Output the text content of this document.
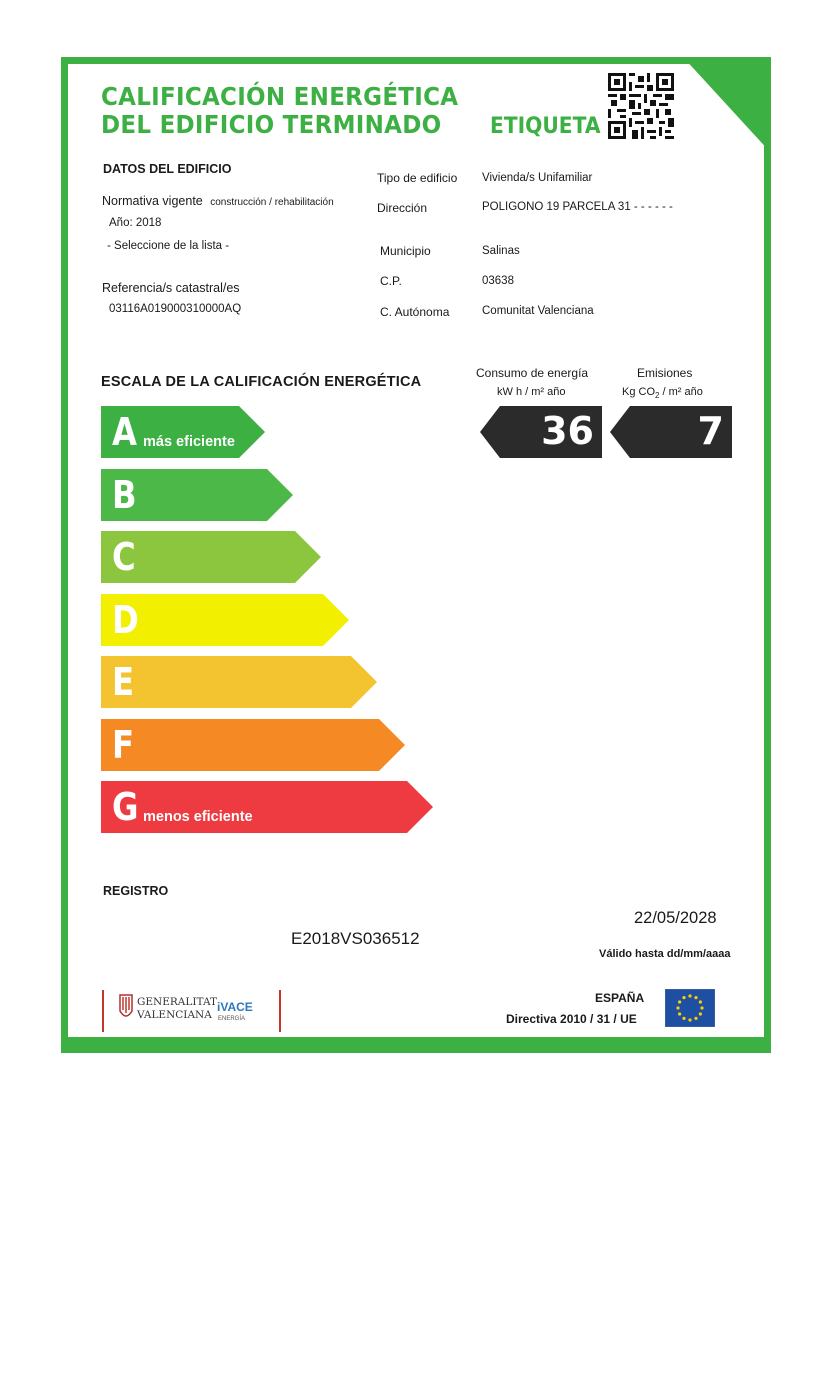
CALIFICACIÓN ENERGÉTICA
DEL EDIFICIO TERMINADO ETIQUETA
DATOS DEL EDIFICIO
Normativa vigente construcción / rehabilitación
Año: 2018
- Seleccione de la lista -
Referencia/s catastral/es
03116A019000310000AQ
Tipo de edificio Vivienda/s Unifamiliar
Dirección	POLIGONO 19 PARCELA 31 - - - - - -
Municipio	Salinas
C.P.	03638
C. Autónoma	Comunitat Valenciana
ESCALA DE LA CALIFICACIÓN ENERGÉTICA
A más eficiente
B
C
D
E
F
G menos eficiente
Consumo de energía
kW h / m² año
Emisiones
Kg $CO_2 / m^2$ año
36	7
REGISTRO
E2018VS036512
22/05/2028
Válido hasta dd/mm/aaaa
GENERALITAT
VALENCIANA
iVACE
ENERGÍA
ESPAÑA
Directiva 2010 / 31 / UE
